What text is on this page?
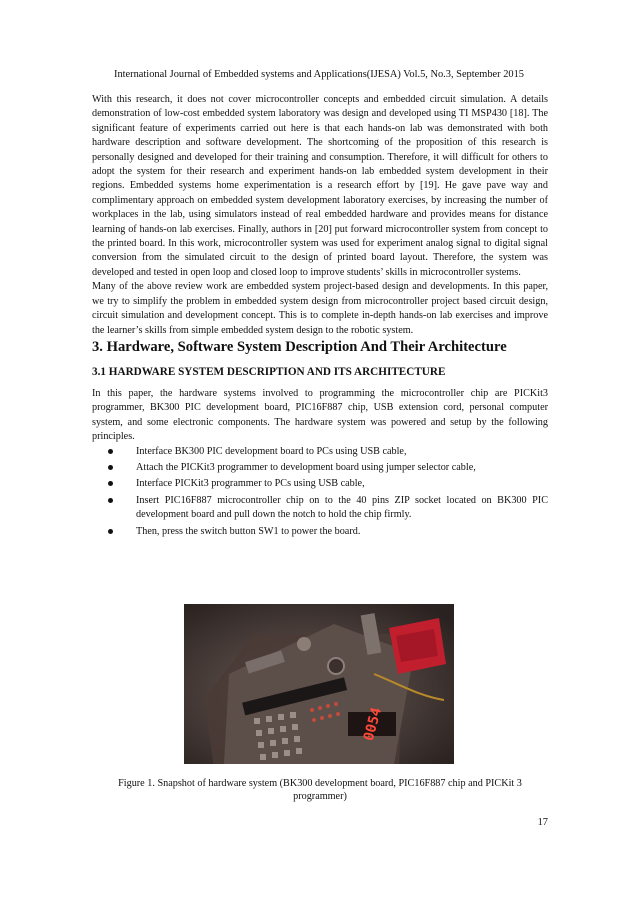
International Journal of Embedded systems and Applications(IJESA) Vol.5, No.3, September 2015

With this research, it does not cover microcontroller concepts and embedded circuit simulation. A details demonstration of low-cost embedded system laboratory was design and developed using TI MSP430 [18]. The significant feature of experiments carried out here is that each hands-on lab was demonstrated with both hardware description and software development. The shortcoming of the proposition of this research is personally designed and developed for their training and consumption. Therefore, it will difficult for others to adopt the system for their research and experiment hands-on lab embedded system development in their regions. Embedded systems home experimentation is a research effort by [19]. He gave pave way and complimentary approach on embedded system development laboratory exercises, by increasing the number of workplaces in the lab, using simulators instead of real embedded hardware and provides means for distance learning of hands-on lab exercises. Finally, authors in [20] put forward microcontroller system from concept to the printed board. In this work, microcontroller system was used for experiment analog signal to digital signal conversion from the simulated circuit to the design of printed board layout. Therefore, the system was developed and tested in open loop and closed loop to improve students’ skills in microcontroller systems.

Many of the above review work are embedded system project-based design and developments. In this paper, we try to simplify the problem in embedded system design from microcontroller project based circuit design, circuit simulation and development concept. This is to complete in-depth hands-on lab exercises and improve the learner’s skills from simple embedded system design to the robotic system.

3. Hardware, Software System Description And Their Architecture
3.1 HARDWARE SYSTEM DESCRIPTION AND ITS ARCHITECTURE

In this paper, the hardware systems involved to programming the microcontroller chip are PICKit3 programmer, BK300 PIC development board, PIC16F887 chip, USB extension cord, personal computer system, and some electronic components. The hardware system was powered and setup by the following principles.

Interface BK300 PIC development board to PCs using USB cable,
Attach the PICKit3 programmer to development board using jumper selector cable,
Interface PICKit3 programmer to PCs using USB cable,
Insert PIC16F887 microcontroller chip on to the 40 pins ZIP socket located on BK300 PIC development board and pull down the notch to hold the chip firmly.
Then, press the switch button SW1 to power the board.
0054
Figure 1. Snapshot of hardware system (BK300 development board, PIC16F887 chip and PICKit 3 programmer)
17
